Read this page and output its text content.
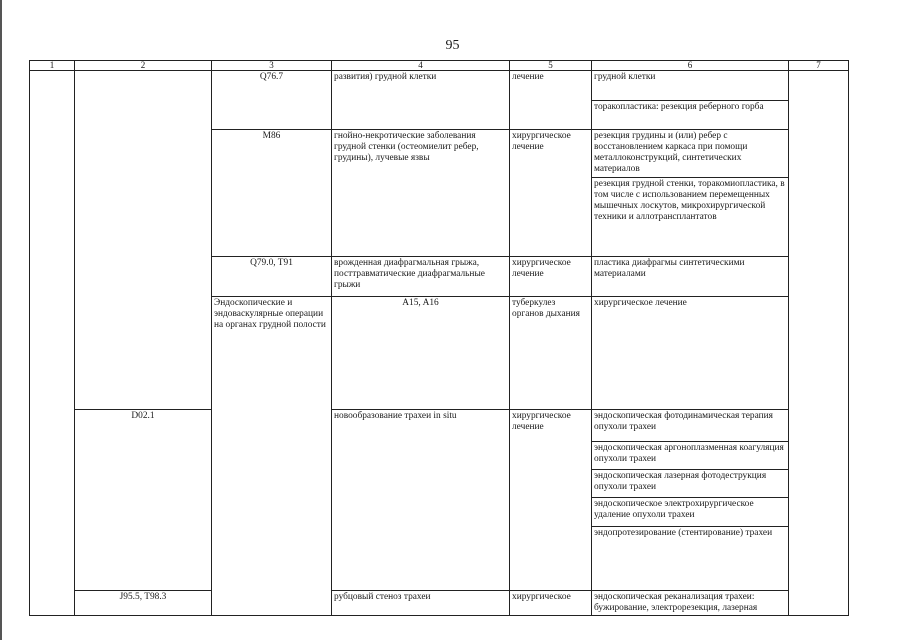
95
1	2	3	4	5	6	7	
		Q76.7	развития) грудной клетки	лечение	грудной клетки		
					торакопластика: резекция реберного горба		
		M86	гнойно-некротические заболевания грудной стенки (остеомиелит ребер, грудины), лучевые язвы	хирургическое лечение	резекция грудины и (или) ребер с восстановлением каркаса при помощи металлоконструкций, синтетических материалов		
					резекция грудной стенки, торакомиопластика, в том числе с использованием перемещенных мышечных лоскутов, микрохирургической техники и аллотрансплантатов		
		Q79.0, T91	врожденная диафрагмальная грыжа, посттравматические диафрагмальные грыжи	хирургическое лечение	пластика диафрагмы синтетическими материалами		
		Эндоскопические и эндоваскулярные операции на органах грудной полости	A15, A16	туберкулез органов дыхания	хирургическое лечение	
	D02.1		новообразование трахеи in situ	хирургическое лечение	эндоскопическая фотодинамическая терапия опухоли трахеи		
					эндоскопическая аргоноплазменная коагуляция опухоли трахеи		
					эндоскопическая лазерная фотодеструкция опухоли трахеи		
					эндоскопическое электрохирургическое удаление опухоли трахеи		
					эндопротезирование (стентирование) трахеи		

	J95.5, T98.3		рубцовый стеноз трахеи	хирургическое	эндоскопическая реканализация трахеи: бужирование, электрорезекция, лазерная		
